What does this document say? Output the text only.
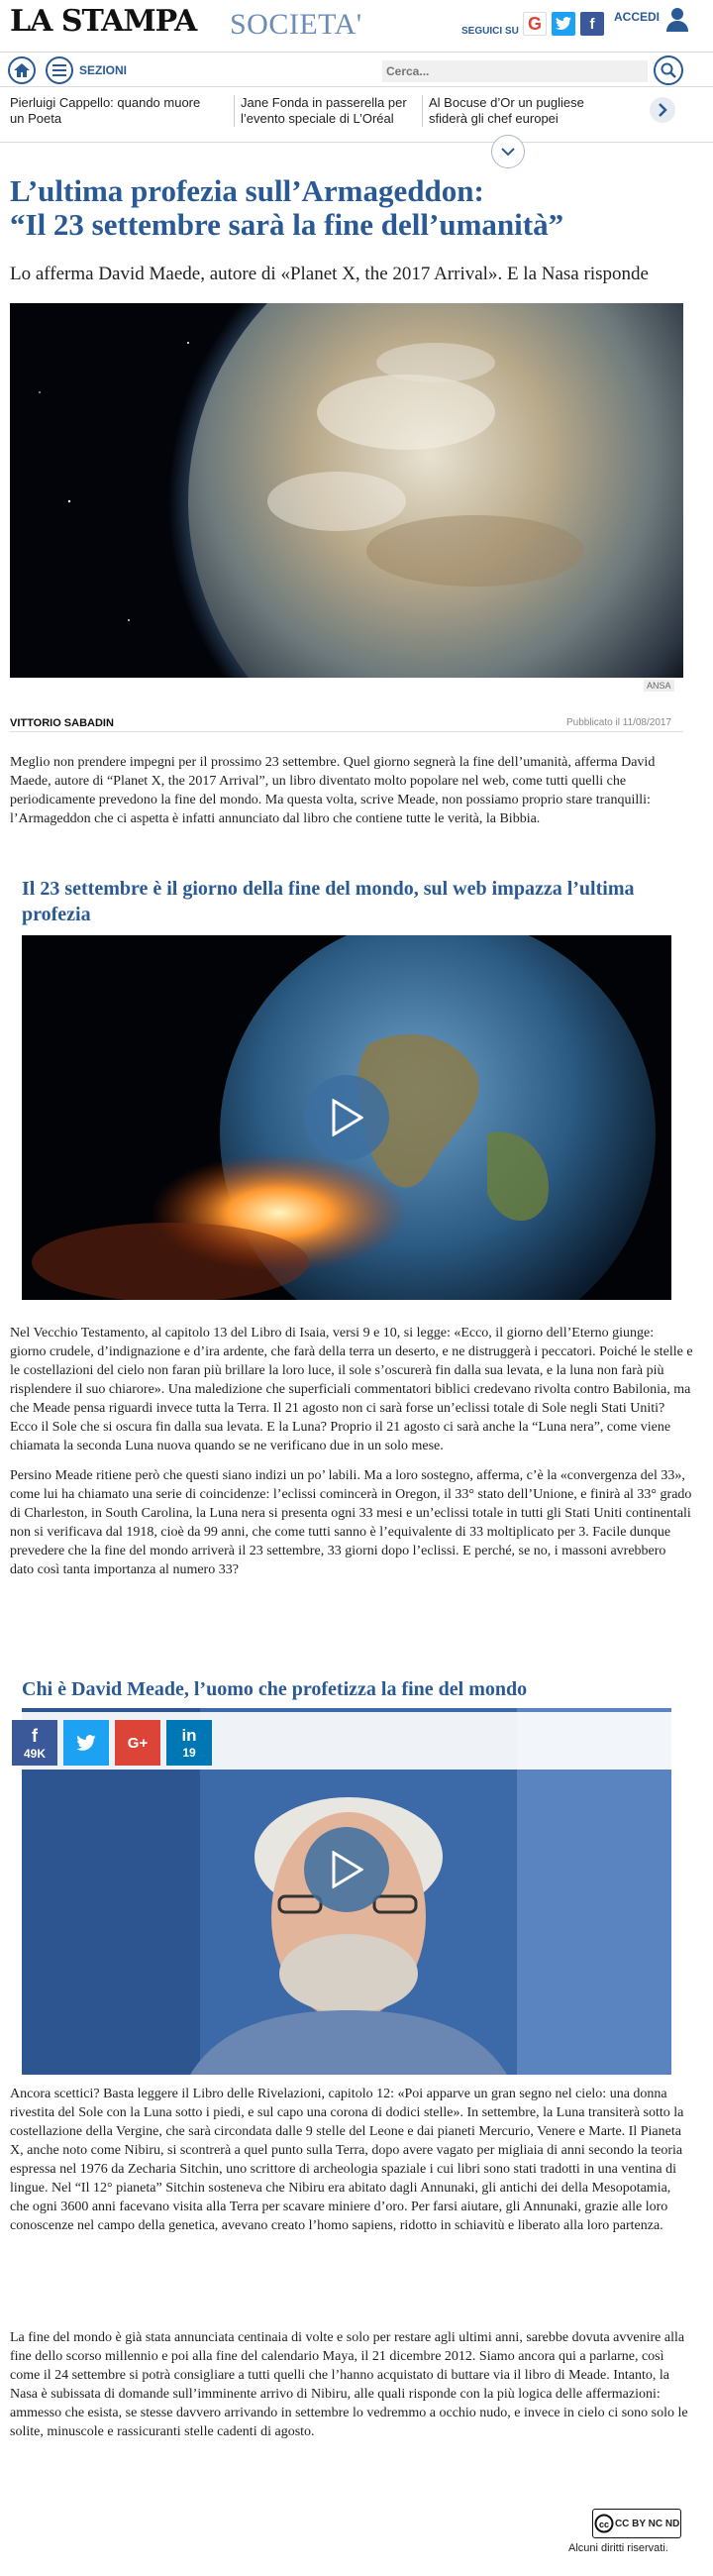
LA STAMPA SOCIETA'	SEGUICI SU G	f	ACCEDI
SEZIONI
Cerca...
Pierluigi Cappello: quando muore un Poeta
Jane Fonda in passerella per l’evento speciale di L’Oréal
Al Bocuse d’Or un pugliese sfiderà gli chef europei
L’ultima profezia sull’Armageddon:
“Il 23 settembre sarà la fine dell’umanità”
Lo afferma David Maede, autore di «Planet X, the 2017 Arrival». E la Nasa risponde
ANSA
VITTORIO SABADIN	Pubblicato il 11/08/2017

Meglio non prendere impegni per il prossimo 23 settembre. Quel giorno segnerà la fine dell’umanità, afferma David Maede, autore di “Planet X, the 2017 Arrival”, un libro diventato molto popolare nel web, come tutti quelli che periodicamente prevedono la fine del mondo. Ma questa volta, scrive Meade, non possiamo proprio stare tranquilli: l’Armageddon che ci aspetta è infatti annunciato dal libro che contiene tutte le verità, la Bibbia.

Il 23 settembre è il giorno della fine del mondo, sul web impazza l’ultima profezia

Nel Vecchio Testamento, al capitolo 13 del Libro di Isaia, versi 9 e 10, si legge: «Ecco, il giorno dell’Eterno giunge: giorno crudele, d’indignazione e d’ira ardente, che farà della terra un deserto, e ne distruggerà i peccatori. Poiché le stelle e le costellazioni del cielo non faran più brillare la loro luce, il sole s’oscurerà fin dalla sua levata, e la luna non farà più risplendere il suo chiarore». Una maledizione che superficiali commentatori biblici credevano rivolta contro Babilonia, ma che Meade pensa riguardi invece tutta la Terra. Il 21 agosto non ci sarà forse un’eclissi totale di Sole negli Stati Uniti? Ecco il Sole che si oscura fin dalla sua levata. E la Luna? Proprio il 21 agosto ci sarà anche la “Luna nera”, come viene chiamata la seconda Luna nuova quando se ne verificano due in un solo mese.

Persino Meade ritiene però che questi siano indizi un po’ labili. Ma a loro sostegno, afferma, c’è la «convergenza del 33», come lui ha chiamato una serie di coincidenze: l’eclissi comincerà in Oregon, il 33° stato dell’Unione, e finirà al 33° grado di Charleston, in South Carolina, la Luna nera si presenta ogni 33 mesi e un’eclissi totale in tutti gli Stati Uniti continentali non si verificava dal 1918, cioè da 99 anni, che come tutti sanno è l’equivalente di 33 moltiplicato per 3. Facile dunque prevedere che la fine del mondo arriverà il 23 settembre, 33 giorni dopo l’eclissi. E perché, se no, i massoni avrebbero dato così tanta importanza al numero 33?

Chi è David Meade, l’uomo che profetizza la fine del mondo
f
49K
G+ in
19

Ancora scettici? Basta leggere il Libro delle Rivelazioni, capitolo 12: «Poi apparve un gran segno nel cielo: una donna rivestita del Sole con la Luna sotto i piedi, e sul capo una corona di dodici stelle». In settembre, la Luna transiterà sotto la costellazione della Vergine, che sarà circondata dalle 9 stelle del Leone e dai pianeti Mercurio, Venere e Marte. Il Pianeta X, anche noto come Nibiru, si scontrerà a quel punto sulla Terra, dopo avere vagato per migliaia di anni secondo la teoria espressa nel 1976 da Zecharia Sitchin, uno scrittore di archeologia spaziale i cui libri sono stati tradotti in una ventina di lingue. Nel “Il 12° pianeta” Sitchin sosteneva che Nibiru era abitato dagli Annunaki, gli antichi dei della Mesopotamia, che ogni 3600 anni facevano visita alla Terra per scavare miniere d’oro. Per farsi aiutare, gli Annunaki, grazie alle loro conoscenze nel campo della genetica, avevano creato l’homo sapiens, ridotto in schiavitù e liberato alla loro partenza.

La fine del mondo è già stata annunciata centinaia di volte e solo per restare agli ultimi anni, sarebbe dovuta avvenire alla fine dello scorso millennio e poi alla fine del calendario Maya, il 21 dicembre 2012. Siamo ancora qui a parlarne, così come il 24 settembre si potrà consigliare a tutti quelli che l’hanno acquistato di buttare via il libro di Meade. Intanto, la Nasa è subissata di domande sull’imminente arrivo di Nibiru, alle quali risponde con la più logica delle affermazioni: ammesso che esista, se stesse davvero arrivando in settembre lo vedremmo a occhio nudo, e invece in cielo ci sono solo le solite, minuscole e rassicuranti stelle cadenti di agosto.

cc CC BY NC ND
Alcuni diritti riservati.
